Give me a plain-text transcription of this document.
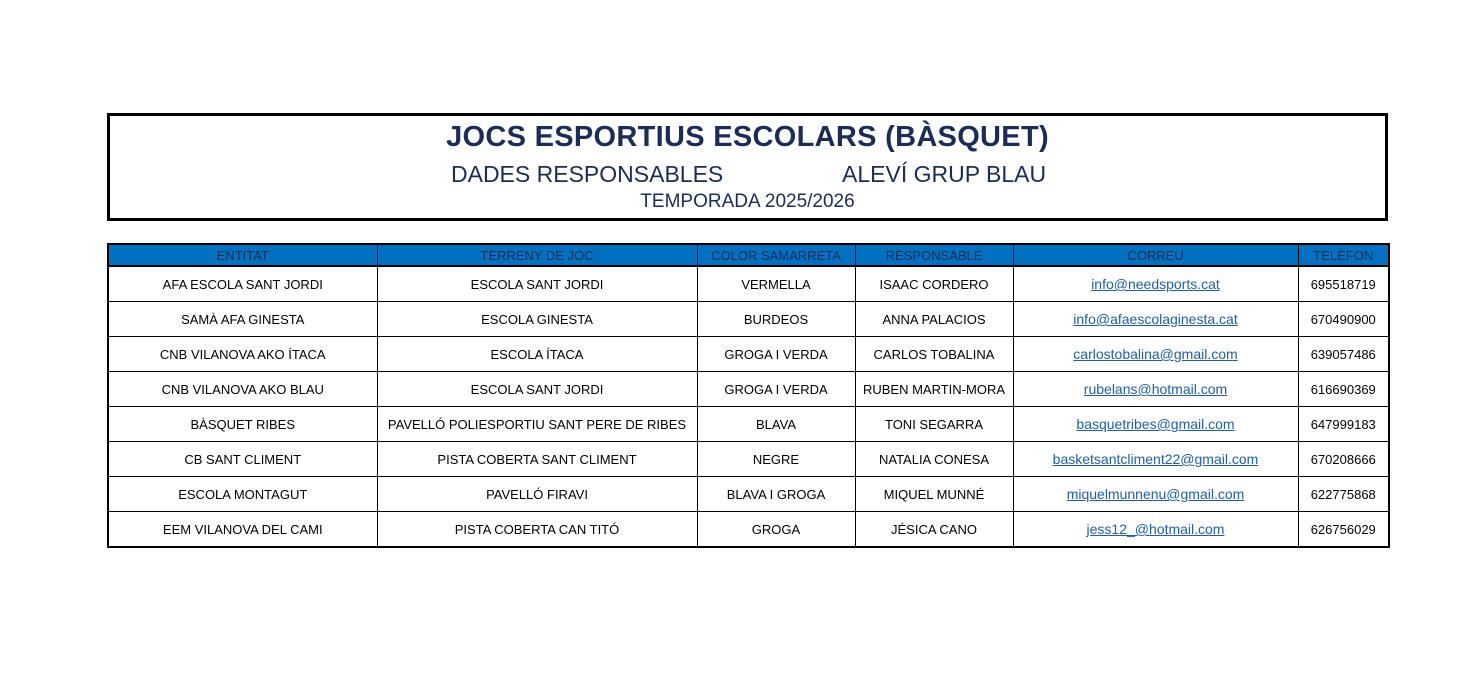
JOCS ESPORTIUS ESCOLARS (BÀSQUET)
DADES RESPONSABLES	ALEVÍ GRUP BLAU
TEMPORADA 2025/2026
ENTITAT	TERRENY DE JOC	COLOR SAMARRETA	RESPONSABLE	CORREU	TELÈFON
AFA ESCOLA SANT JORDI	ESCOLA SANT JORDI	VERMELLA	ISAAC CORDERO	info@needsports.cat	695518719
SAMÀ AFA GINESTA	ESCOLA GINESTA	BURDEOS	ANNA PALACIOS	info@afaescolaginesta.cat	670490900
CNB VILANOVA AKO ÍTACA	ESCOLA ÍTACA	GROGA I VERDA	CARLOS TOBALINA	carlostobalina@gmail.com	639057486
CNB VILANOVA AKO BLAU	ESCOLA SANT JORDI	GROGA I VERDA	RUBEN MARTIN-MORA	rubelans@hotmail.com	616690369
BÀSQUET RIBES	PAVELLÓ POLIESPORTIU SANT PERE DE RIBES	BLAVA	TONI SEGARRA	basquetribes@gmail.com	647999183
CB SANT CLIMENT	PISTA COBERTA SANT CLIMENT	NEGRE	NATALIA CONESA	basketsantcliment22@gmail.com	670208666
ESCOLA MONTAGUT	PAVELLÓ FIRAVI	BLAVA I GROGA	MIQUEL MUNNÉ	miquelmunnenu@gmail.com	622775868
EEM VILANOVA DEL CAMI	PISTA COBERTA CAN TITÓ	GROGA	JÉSICA CANO	jess12_@hotmail.com	626756029
